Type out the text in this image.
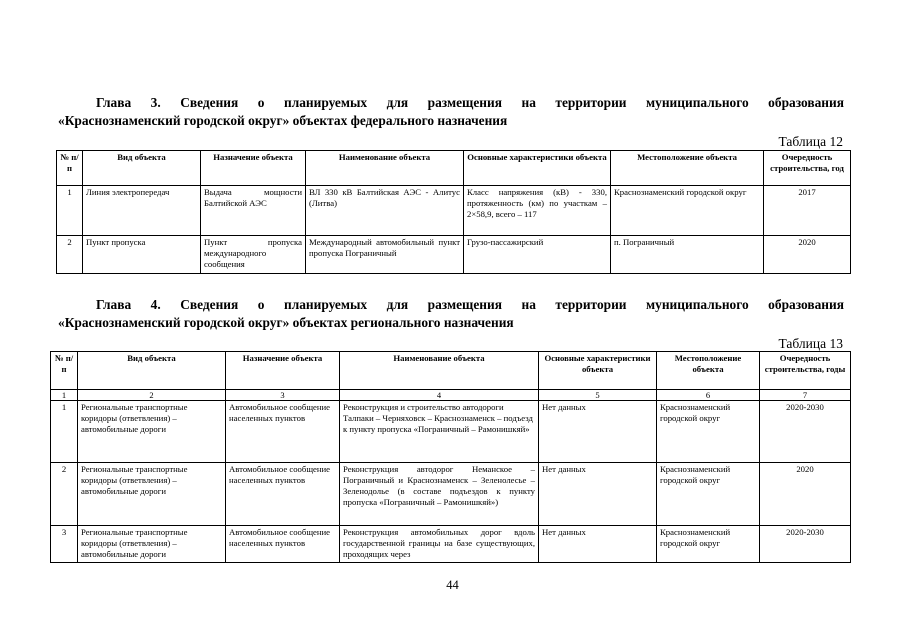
Глава 3. Сведения о планируемых для размещения на территории муниципального образования
«Краснознаменский городской округ» объектах федерального назначения
Таблица 12
№ п/п	Вид объекта	Назначение объекта	Наименование объекта	Основные характеристики объекта	Местоположение объекта	Очередность строительства, год
1	Линия электропередач	Выдача мощности Балтийской АЭС	ВЛ 330 кВ Балтийская АЭС - Алитус (Литва)	Класс напряжения (кВ) - 330, протяженность (км) по участкам – 2×58,9, всего – 117	Краснознаменский городской округ	2017
2	Пункт пропуска	Пункт пропуска международного сообщения	Международный автомобильный пункт пропуска Пограничный	Грузо-пассажирский	п. Пограничный	2020
Глава 4. Сведения о планируемых для размещения на территории муниципального образования
«Краснознаменский городской округ» объектах регионального назначения
Таблица 13
№ п/п	Вид объекта	Назначение объекта	Наименование объекта	Основные характеристики объекта	Местоположение объекта	Очередность строительства, годы
1	2	3	4	5	6	7
1	Региональные транспортные коридоры (ответвления) – автомобильные дороги	Автомобильное сообщение населенных пунктов	Реконструкция и строительство автодороги Талпаки – Черняховск – Краснознаменск – подъезд к пункту пропуска «Пограничный – Рамонишкяй»	Нет данных	Краснознаменский городской округ	2020-2030
2	Региональные транспортные коридоры (ответвления) – автомобильные дороги	Автомобильное сообщение населенных пунктов	Реконструкция автодорог Неманское – Пограничный и Краснознаменск – Зеленолесье – Зеленодолье (в составе подъездов к пункту пропуска «Пограничный – Рамонишкяй»)	Нет данных	Краснознаменский городской округ	2020
3	Региональные транспортные коридоры (ответвления) – автомобильные дороги	Автомобильное сообщение населенных пунктов	Реконструкция автомобильных дорог вдоль государственной границы на базе существующих, проходящих через	Нет данных	Краснознаменский городской округ	2020-2030
44
